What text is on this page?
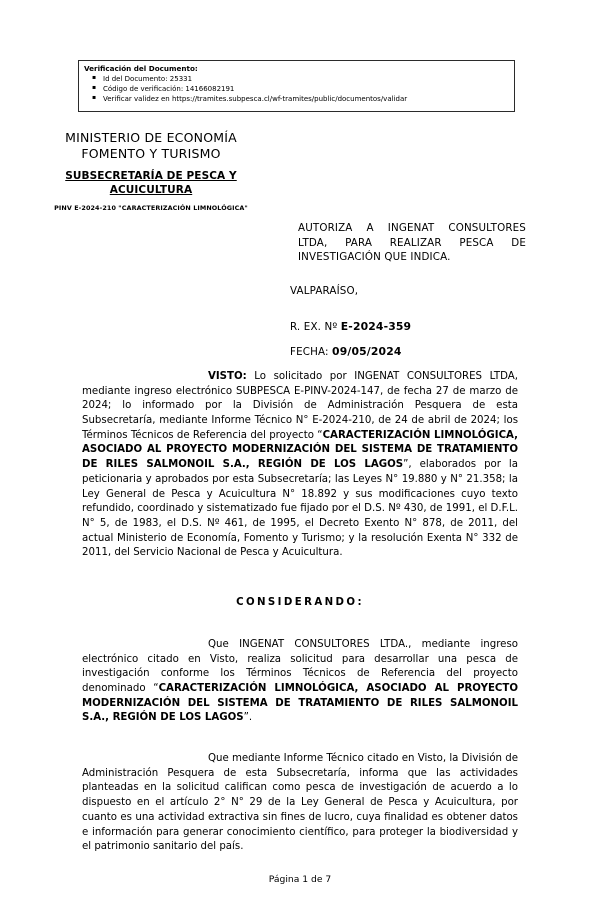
Verificación del Documento:
▪ Id del Documento: 25331
▪ Código de verificación: 14166082191
▪ Verificar validez en https://tramites.subpesca.cl/wf-tramites/public/documentos/validar
MINISTERIO DE ECONOMÍA
FOMENTO Y TURISMO
SUBSECRETARÍA DE PESCA Y ACUICULTURA
PINV E-2024-210 "CARACTERIZACIÓN LIMNOLÓGICA"
AUTORIZA A INGENAT CONSULTORES LTDA, PARA REALIZAR PESCA DE INVESTIGACIÓN QUE INDICA.
VALPARAÍSO,
R. EX. Nº E-2024-359
FECHA: 09/05/2024

VISTO: Lo solicitado por INGENAT CONSULTORES LTDA, mediante ingreso electrónico SUBPESCA E-PINV-2024-147, de fecha 27 de marzo de 2024; lo informado por la División de Administración Pesquera de esta Subsecretaría, mediante Informe Técnico N° E-2024-210, de 24 de abril de 2024; los Términos Técnicos de Referencia del proyecto “CARACTERIZACIÓN LIMNOLÓGICA, ASOCIADO AL PROYECTO MODERNIZACIÓN DEL SISTEMA DE TRATAMIENTO DE RILES SALMONOIL S.A., REGIÓN DE LOS LAGOS”, elaborados por la peticionaria y aprobados por esta Subsecretaría; las Leyes N° 19.880 y N° 21.358; la Ley General de Pesca y Acuicultura N° 18.892 y sus modificaciones cuyo texto refundido, coordinado y sistematizado fue fijado por el D.S. Nº 430, de 1991, el D.F.L. N° 5, de 1983, el D.S. Nº 461, de 1995, el Decreto Exento N° 878, de 2011, del actual Ministerio de Economía, Fomento y Turismo; y la resolución Exenta N° 332 de 2011, del Servicio Nacional de Pesca y Acuicultura.

CONSIDERANDO:

Que INGENAT CONSULTORES LTDA., mediante ingreso electrónico citado en Visto, realiza solicitud para desarrollar una pesca de investigación conforme los Términos Técnicos de Referencia del proyecto denominado “CARACTERIZACIÓN LIMNOLÓGICA, ASOCIADO AL PROYECTO MODERNIZACIÓN DEL SISTEMA DE TRATAMIENTO DE RILES SALMONOIL S.A., REGIÓN DE LOS LAGOS”.

Que mediante Informe Técnico citado en Visto, la División de Administración Pesquera de esta Subsecretaría, informa que las actividades planteadas en la solicitud califican como pesca de investigación de acuerdo a lo dispuesto en el artículo 2° N° 29 de la Ley General de Pesca y Acuicultura, por cuanto es una actividad extractiva sin fines de lucro, cuya finalidad es obtener datos e información para generar conocimiento científico, para proteger la biodiversidad y el patrimonio sanitario del país.

Página 1 de 7
